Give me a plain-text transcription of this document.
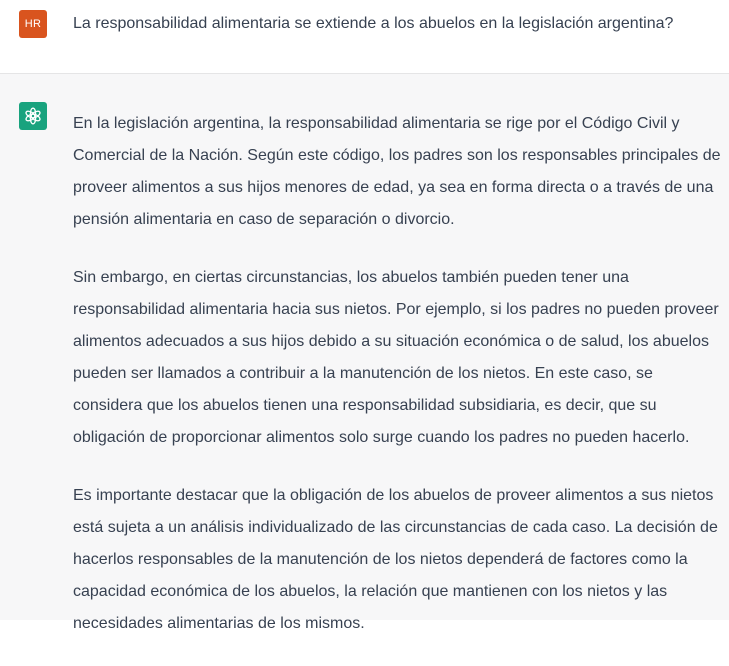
HR	La responsabilidad alimentaria se extiende a los abuelos en la legislación argentina?

En la legislación argentina, la responsabilidad alimentaria se rige por el Código Civil y Comercial de la Nación. Según este código, los padres son los responsables principales de proveer alimentos a sus hijos menores de edad, ya sea en forma directa o a través de una pensión alimentaria en caso de separación o divorcio.

Sin embargo, en ciertas circunstancias, los abuelos también pueden tener una responsabilidad alimentaria hacia sus nietos. Por ejemplo, si los padres no pueden proveer alimentos adecuados a sus hijos debido a su situación económica o de salud, los abuelos pueden ser llamados a contribuir a la manutención de los nietos. En este caso, se considera que los abuelos tienen una responsabilidad subsidiaria, es decir, que su obligación de proporcionar alimentos solo surge cuando los padres no pueden hacerlo.

Es importante destacar que la obligación de los abuelos de proveer alimentos a sus nietos está sujeta a un análisis individualizado de las circunstancias de cada caso. La decisión de hacerlos responsables de la manutención de los nietos dependerá de factores como la capacidad económica de los abuelos, la relación que mantienen con los nietos y las necesidades alimentarias de los mismos.
